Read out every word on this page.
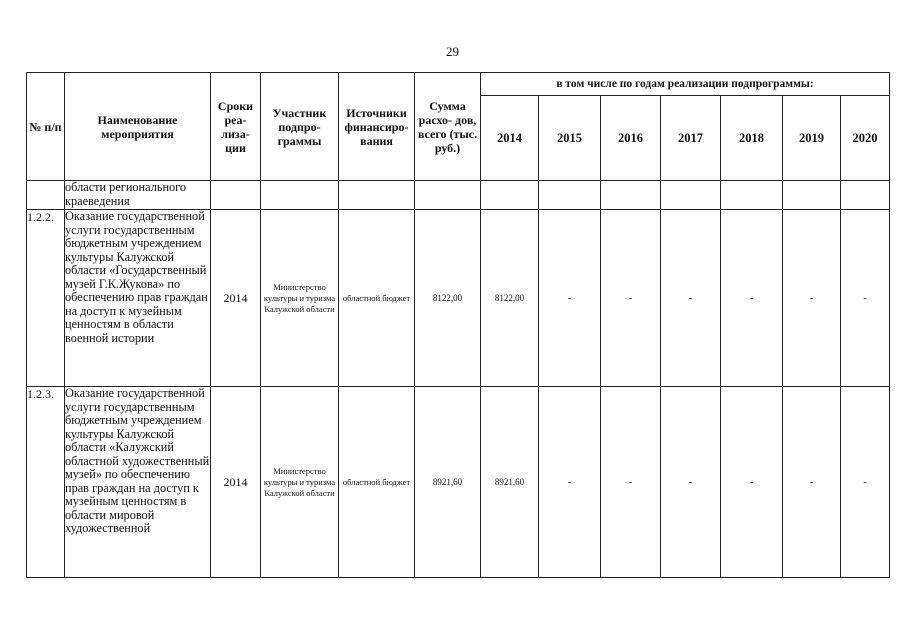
29
№ п/п	Наименование мероприятия	Сроки реа- лиза- ции	Участник подпро- граммы	Источники финансиро- вания	Сумма расхо- дов, всего (тыс. руб.)	в том числе по годам реализации подпрограммы:						
						2014	2015	2016	2017	2018	2019	2020
	области регионального краеведения											
1.2.2.	Оказание государственной услуги государственным бюджетным учреждением культуры Калужской области «Государственный музей Г.К.Жукова» по обеспечению прав граждан на доступ к музейным ценностям в области военной истории	2014	Министерство культуры и туризма Калужской области	областной бюджет	8122,00	8122,00	-	-	-	-	-	-
1.2.3.	Оказание государственной услуги государственным бюджетным учреждением культуры Калужской области «Калужский областной художественный музей» по обеспечению прав граждан на доступ к музейным ценностям в области мировой художественной	2014	Министерство культуры и туризма Калужской области	областной бюджет	8921,60	8921,60	-	-	-	-	-	-
